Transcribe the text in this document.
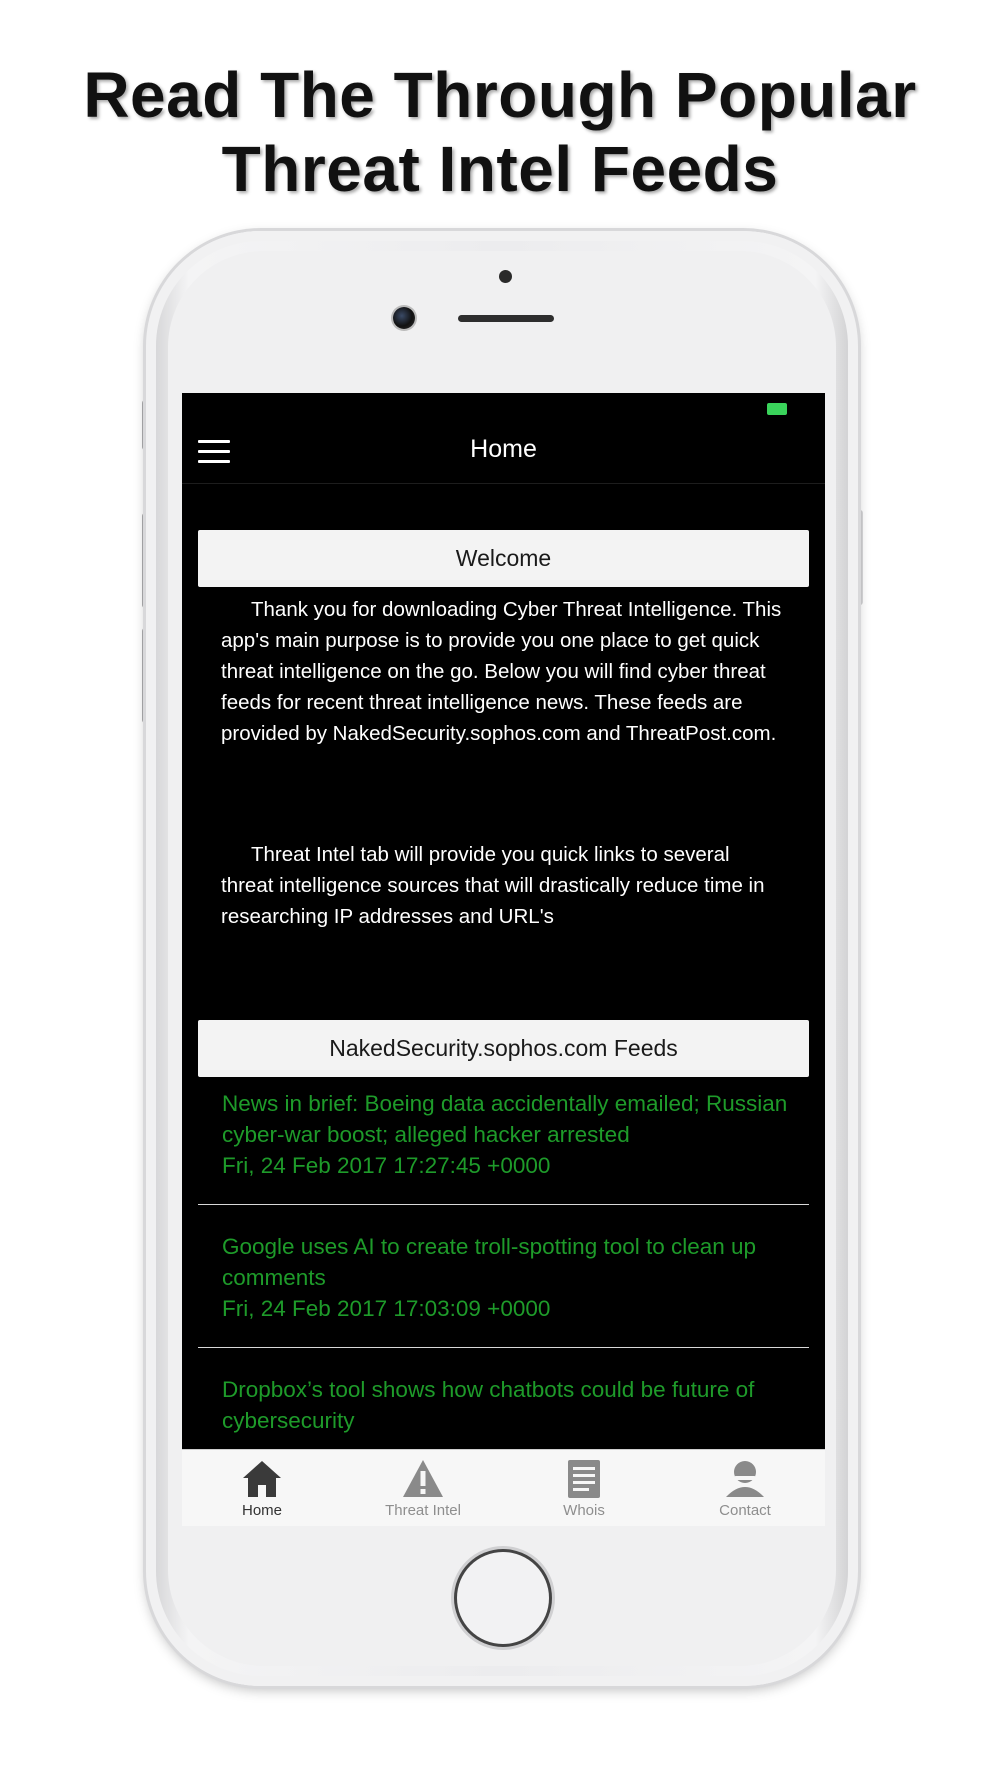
Read The Through Popular
Threat Intel Feeds
Home
Welcome
Thank you for downloading Cyber Threat Intelligence. This app's main purpose is to provide you one place to get quick threat intelligence on the go. Below you will find cyber threat feeds for recent threat intelligence news. These feeds are provided by NakedSecurity.sophos.com and ThreatPost.com.
Threat Intel tab will provide you quick links to several threat intelligence sources that will drastically reduce time in researching IP addresses and URL's
NakedSecurity.sophos.com Feeds
News in brief: Boeing data accidentally emailed; Russian cyber-war boost; alleged hacker arrested
Fri, 24 Feb 2017 17:27:45 +0000
Google uses AI to create troll-spotting tool to clean up comments
Fri, 24 Feb 2017 17:03:09 +0000
Dropbox’s tool shows how chatbots could be future of cybersecurity
Home	Threat Intel	Whois	Contact
